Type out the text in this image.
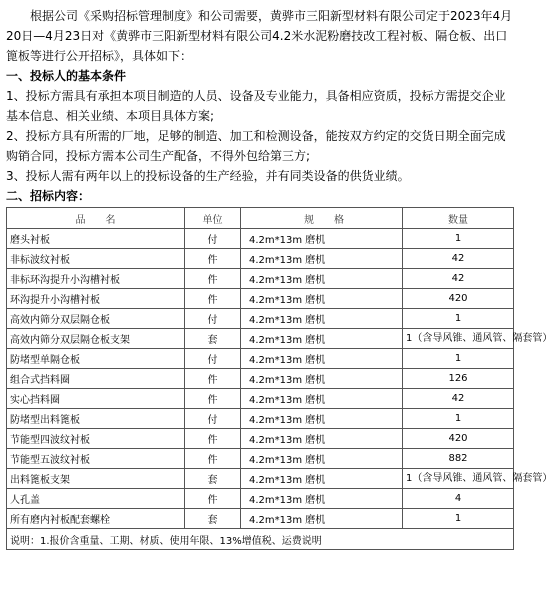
根据公司《采购招标管理制度》和公司需要，黄骅市三阳新型材料有限公司定于2023年4月20日—4月23日对《黄骅市三阳新型材料有限公司4.2米水泥粉磨技改工程衬板、隔仓板、出口篦板等进行公开招标》，具体如下：

一、投标人的基本条件

1、投标方需具有承担本项目制造的人员、设备及专业能力，具备相应资质，投标方需提交企业基本信息、相关业绩、本项目具体方案;

2、投标方具有所需的厂地，足够的制造、加工和检测设备，能按双方约定的交货日期全面完成购销合同，投标方需本公司生产配备，不得外包给第三方;

3、投标人需有两年以上的投标设备的生产经验，并有同类设备的供货业绩。

二、招标内容：

品　　名	单位	规　　格	数量
磨头衬板	付	4.2m*13m 磨机	1
非标波纹衬板	件	4.2m*13m 磨机	42
非标环沟提升小沟槽衬板	件	4.2m*13m 磨机	42
环沟提升小沟槽衬板	件	4.2m*13m 磨机	420
高效内筛分双层隔仓板	付	4.2m*13m 磨机	1
高效内筛分双层隔仓板支架	套	4.2m*13m 磨机	1（含导风锥、通风管、隔套管）
防堵型单隔仓板	付	4.2m*13m 磨机	1
组合式挡料圈	件	4.2m*13m 磨机	126
实心挡料圈	件	4.2m*13m 磨机	42
防堵型出料篦板	付	4.2m*13m 磨机	1
节能型四波纹衬板	件	4.2m*13m 磨机	420
节能型五波纹衬板	件	4.2m*13m 磨机	882
出料篦板支架	套	4.2m*13m 磨机	1（含导风锥、通风管、隔套管）
人孔盖	件	4.2m*13m 磨机	4
所有磨内衬板配套螺栓	套	4.2m*13m 磨机	1
说明：1.报价含重量、工期、材质、使用年限、13%增值税、运费说明			
